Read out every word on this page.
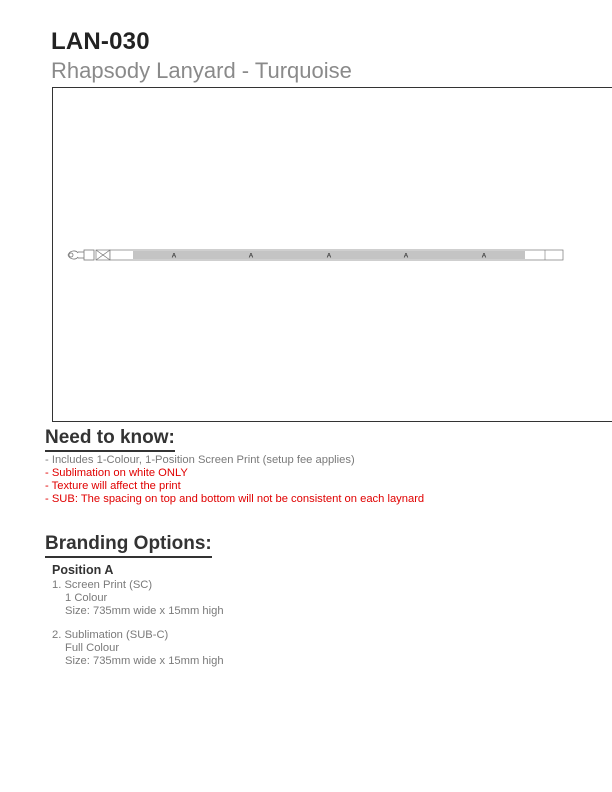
LAN-030
Rhapsody Lanyard - Turquoise
A	A	A	A	A
Need to know:
- Includes 1-Colour, 1-Position Screen Print (setup fee applies)
- Sublimation on white ONLY
- Texture will affect the print
- SUB: The spacing on top and bottom will not be consistent on each laynard
Branding Options:
Position A
1. Screen Print (SC)
1 Colour
Size: 735mm wide x 15mm high
2. Sublimation (SUB-C)
Full Colour
Size: 735mm wide x 15mm high
